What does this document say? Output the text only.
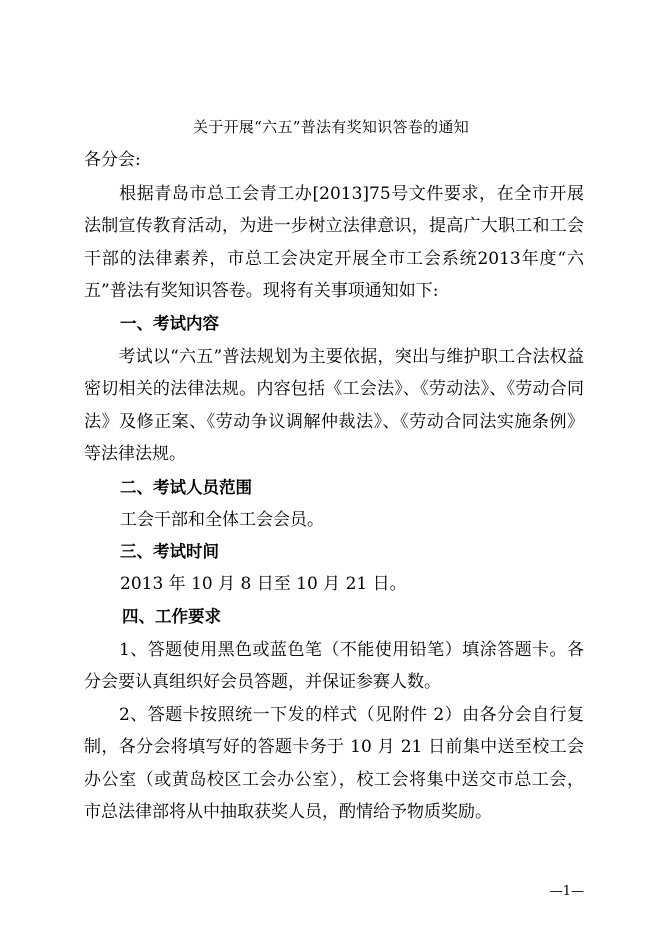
关于开展“六五”普法有奖知识答卷的通知
各分会:
　　根据青岛市总工会青工办[2013]75号文件要求，在全市开展法制宣传教育活动，为进一步树立法律意识，提高广大职工和工会干部的法律素养，市总工会决定开展全市工会系统2013年度“六五”普法有奖知识答卷。现将有关事项通知如下:
一、考试内容
　　考试以“六五”普法规划为主要依据，突出与维护职工合法权益密切相关的法律法规。内容包括《工会法》、《劳动法》、《劳动合同法》及修正案、《劳动争议调解仲裁法》、《劳动合同法实施条例》等法律法规。
二、考试人员范围
工会干部和全体工会会员。
三、考试时间
2013 年 10 月 8 日至 10 月 21 日。
四、工作要求
　　1、答题使用黑色或蓝色笔（不能使用铅笔）填涂答题卡。各分会要认真组织好会员答题，并保证参赛人数。
　　2、答题卡按照统一下发的样式（见附件 2）由各分会自行复制，各分会将填写好的答题卡务于 10 月 21 日前集中送至校工会办公室（或黄岛校区工会办公室），校工会将集中送交市总工会，市总法律部将从中抽取获奖人员，酌情给予物质奖励。
—1—
